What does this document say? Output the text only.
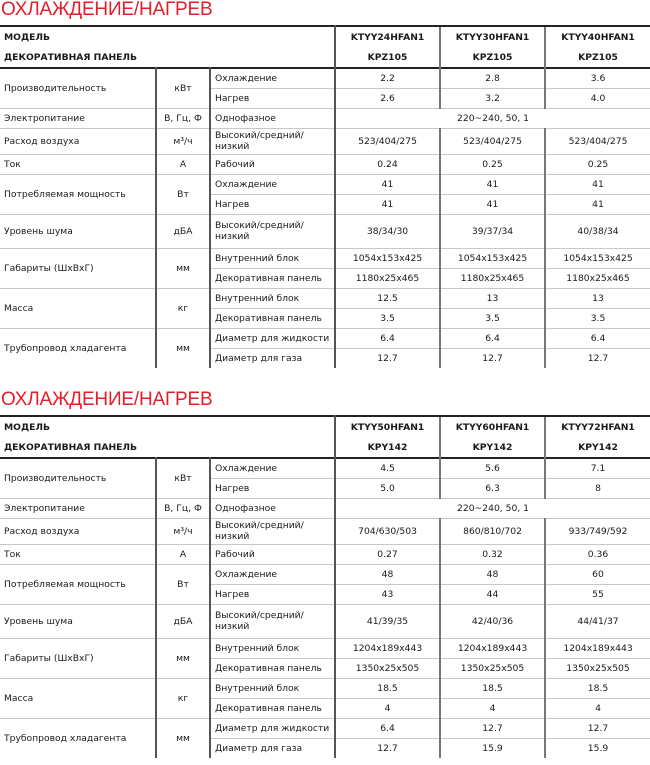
ОХЛАЖДЕНИЕ/НАГРЕВ
МОДЕЛЬ			KTYY24HFAN1	KTYY30HFAN1	KTYY40HFAN1
ДЕКОРАТИВНАЯ ПАНЕЛЬ			KPZ105	KPZ105	KPZ105
Производительность	кВт	Охлаждение	2.2	2.8	3.6
		Нагрев	2.6	3.2	4.0
Электропитание	В, Гц, Ф	Однофазное	220~240, 50, 1		
Расход воздуха	м³/ч	Высокий/средний/ низкий	523/404/275	523/404/275	523/404/275
Ток	А	Рабочий	0.24	0.25	0.25
Потребляемая мощность	Вт	Охлаждение	41	41	41
		Нагрев	41	41	41
Уровень шума	дБА	Высокий/средний/ низкий	38/34/30	39/37/34	40/38/34
Габариты (ШхВхГ)	мм	Внутренний блок	1054x153x425	1054x153x425	1054x153x425
		Декоративная панель	1180x25x465	1180x25x465	1180x25x465
Масса	кг	Внутренний блок	12.5	13	13
		Декоративная панель	3.5	3.5	3.5
Трубопровод хладагента	мм	Диаметр для жидкости	6.4	6.4	6.4
		Диаметр для газа	12.7	12.7	12.7
ОХЛАЖДЕНИЕ/НАГРЕВ
МОДЕЛЬ			KTYY50HFAN1	KTYY60HFAN1	KTYY72HFAN1
ДЕКОРАТИВНАЯ ПАНЕЛЬ			KPY142	KPY142	KPY142
Производительность	кВт	Охлаждение	4.5	5.6	7.1
		Нагрев	5.0	6.3	8
Электропитание	В, Гц, Ф	Однофазное	220~240, 50, 1		
Расход воздуха	м³/ч	Высокий/средний/ низкий	704/630/503	860/810/702	933/749/592
Ток	А	Рабочий	0.27	0.32	0.36
Потребляемая мощность	Вт	Охлаждение	48	48	60
		Нагрев	43	44	55
Уровень шума	дБА	Высокий/средний/ низкий	41/39/35	42/40/36	44/41/37
Габариты (ШхВхГ)	мм	Внутренний блок	1204x189x443	1204x189x443	1204x189x443
		Декоративная панель	1350x25x505	1350x25x505	1350x25x505
Масса	кг	Внутренний блок	18.5	18.5	18.5
		Декоративная панель	4	4	4
Трубопровод хладагента	мм	Диаметр для жидкости	6.4	12.7	12.7
		Диаметр для газа	12.7	15.9	15.9
